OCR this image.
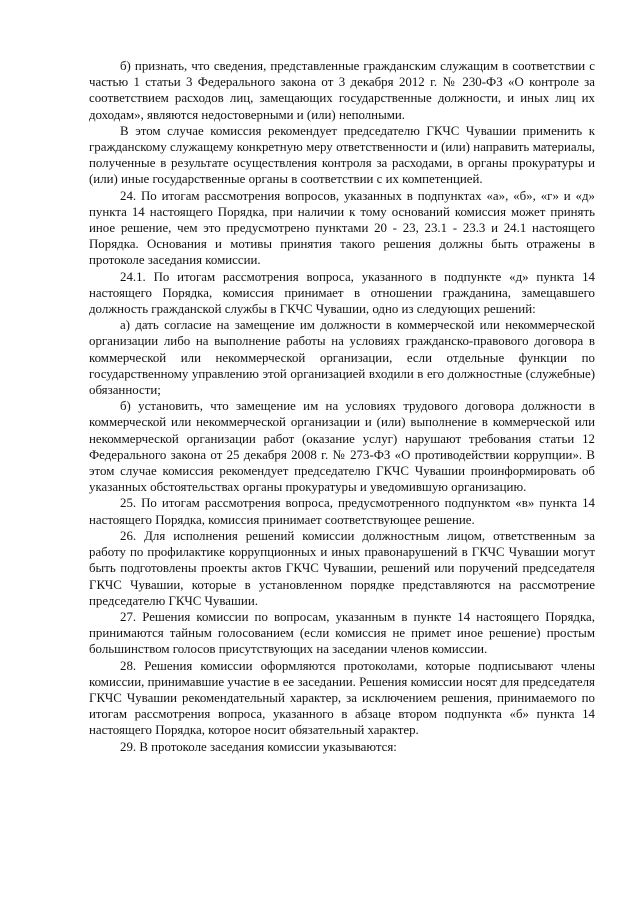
б) признать, что сведения, представленные гражданским служащим в соответствии с частью 1 статьи 3 Федерального закона от 3 декабря 2012 г. № 230-ФЗ «О контроле за соответствием расходов лиц, замещающих государственные должности, и иных лиц их доходам», являются недостоверными и (или) неполными.

В этом случае комиссия рекомендует председателю ГКЧС Чувашии применить к гражданскому служащему конкретную меру ответственности и (или) направить материалы, полученные в результате осуществления контроля за расходами, в органы прокуратуры и (или) иные государственные органы в соответствии с их компетенцией.

24. По итогам рассмотрения вопросов, указанных в подпунктах «а», «б», «г» и «д» пункта 14 настоящего Порядка, при наличии к тому оснований комиссия может принять иное решение, чем это предусмотрено пунктами 20 - 23, 23.1 - 23.3 и 24.1 настоящего Порядка. Основания и мотивы принятия такого решения должны быть отражены в протоколе заседания комиссии.

24.1. По итогам рассмотрения вопроса, указанного в подпункте «д» пункта 14 настоящего Порядка, комиссия принимает в отношении гражданина, замещавшего должность гражданской службы в ГКЧС Чувашии, одно из следующих решений:

а) дать согласие на замещение им должности в коммерческой или некоммерческой организации либо на выполнение работы на условиях гражданско-правового договора в коммерческой или некоммерческой организации, если отдельные функции по государственному управлению этой организацией входили в его должностные (служебные) обязанности;

б) установить, что замещение им на условиях трудового договора должности в коммерческой или некоммерческой организации и (или) выполнение в коммерческой или некоммерческой организации работ (оказание услуг) нарушают требования статьи 12 Федерального закона от 25 декабря 2008 г. № 273-ФЗ «О противодействии коррупции». В этом случае комиссия рекомендует председателю ГКЧС Чувашии проинформировать об указанных обстоятельствах органы прокуратуры и уведомившую организацию.

25. По итогам рассмотрения вопроса, предусмотренного подпунктом «в» пункта 14 настоящего Порядка, комиссия принимает соответствующее решение.

26. Для исполнения решений комиссии должностным лицом, ответственным за работу по профилактике коррупционных и иных правонарушений в ГКЧС Чувашии могут быть подготовлены проекты актов ГКЧС Чувашии, решений или поручений председателя ГКЧС Чувашии, которые в установленном порядке представляются на рассмотрение председателю ГКЧС Чувашии.

27. Решения комиссии по вопросам, указанным в пункте 14 настоящего Порядка, принимаются тайным голосованием (если комиссия не примет иное решение) простым большинством голосов присутствующих на заседании членов комиссии.

28. Решения комиссии оформляются протоколами, которые подписывают члены комиссии, принимавшие участие в ее заседании. Решения комиссии носят для председателя ГКЧС Чувашии рекомендательный характер, за исключением решения, принимаемого по итогам рассмотрения вопроса, указанного в абзаце втором подпункта «б» пункта 14 настоящего Порядка, которое носит обязательный характер.

29. В протоколе заседания комиссии указываются:
